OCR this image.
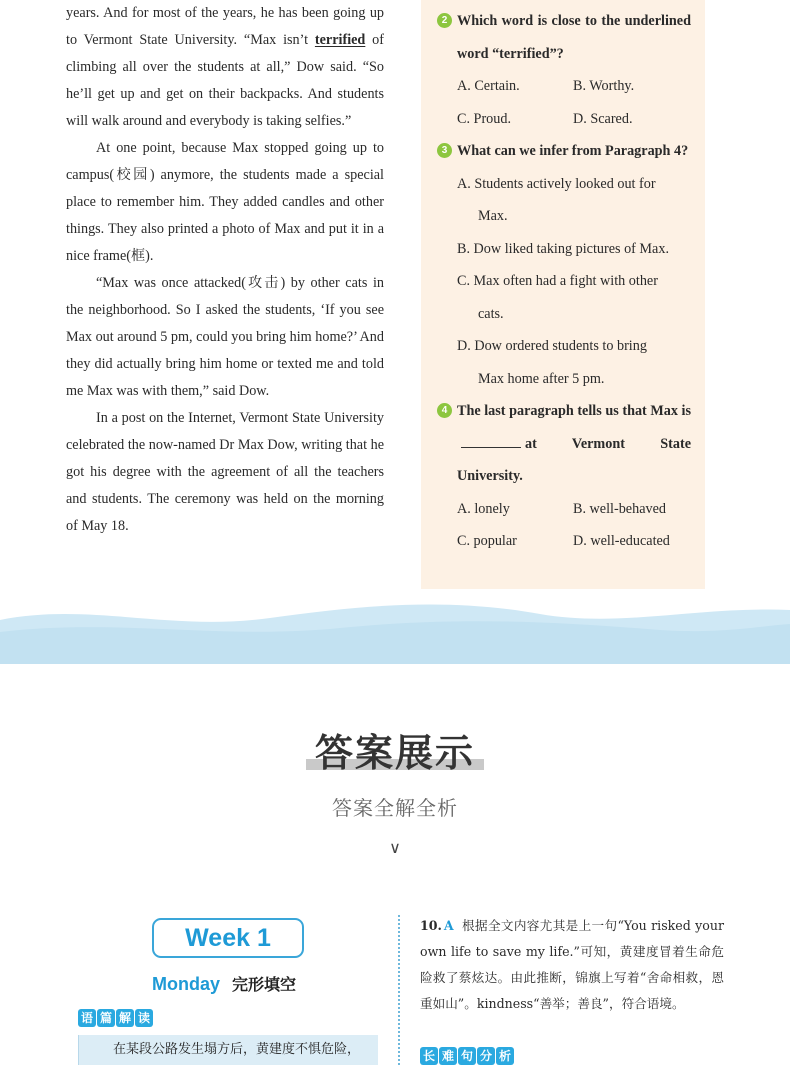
years. And for most of the years, he has been going up to Vermont State University. “Max isn’t terrified of climbing all over the students at all,” Dow said. “So he’ll get up and get on their backpacks. And students will walk around and everybody is taking selfies.”

At one point, because Max stopped going up to campus(校园) anymore, the students made a special place to remember him. They added candles and other things. They also printed a photo of Max and put it in a nice frame(框).

“Max was once attacked(攻击) by other cats in the neighborhood. So I asked the students, ‘If you see Max out around 5 pm, could you bring him home?’ And they did actually bring him home or texted me and told me Max was with them,” said Dow.

In a post on the Internet, Vermont State University celebrated the now-named Dr Max Dow, writing that he got his degree with the agreement of all the teachers and students. The ceremony was held on the morning of May 18.

2 Which word is close to the underlined word “terrified”?
A. Certain.	B. Worthy.
C. Proud.	D. Scared.
3 What can we infer from Paragraph 4?
A. Students actively looked out for
Max.
B. Dow liked taking pictures of Max.
C. Max often had a fight with other
cats.
D. Dow ordered students to bring
Max home after 5 pm.
4 The last paragraph tells us that Max isat Vermont State University.
A. lonely	B. well-behaved
C. popular	D. well-educated
答案展示
答案全解全析
∨
Week 1
Monday 完形填空
语 篇 解 读
在某段公路发生塌方后，黄建度不惧危险，
10. A 根据全文内容尤其是上一句“You risked your own life to save my life.”可知，黄建度冒着生命危险救了蔡炫达。由此推断，锦旗上写着“舍命相救，恩重如山”。kindness“善举；善良”，符合语境。
长 难 句 分 析
